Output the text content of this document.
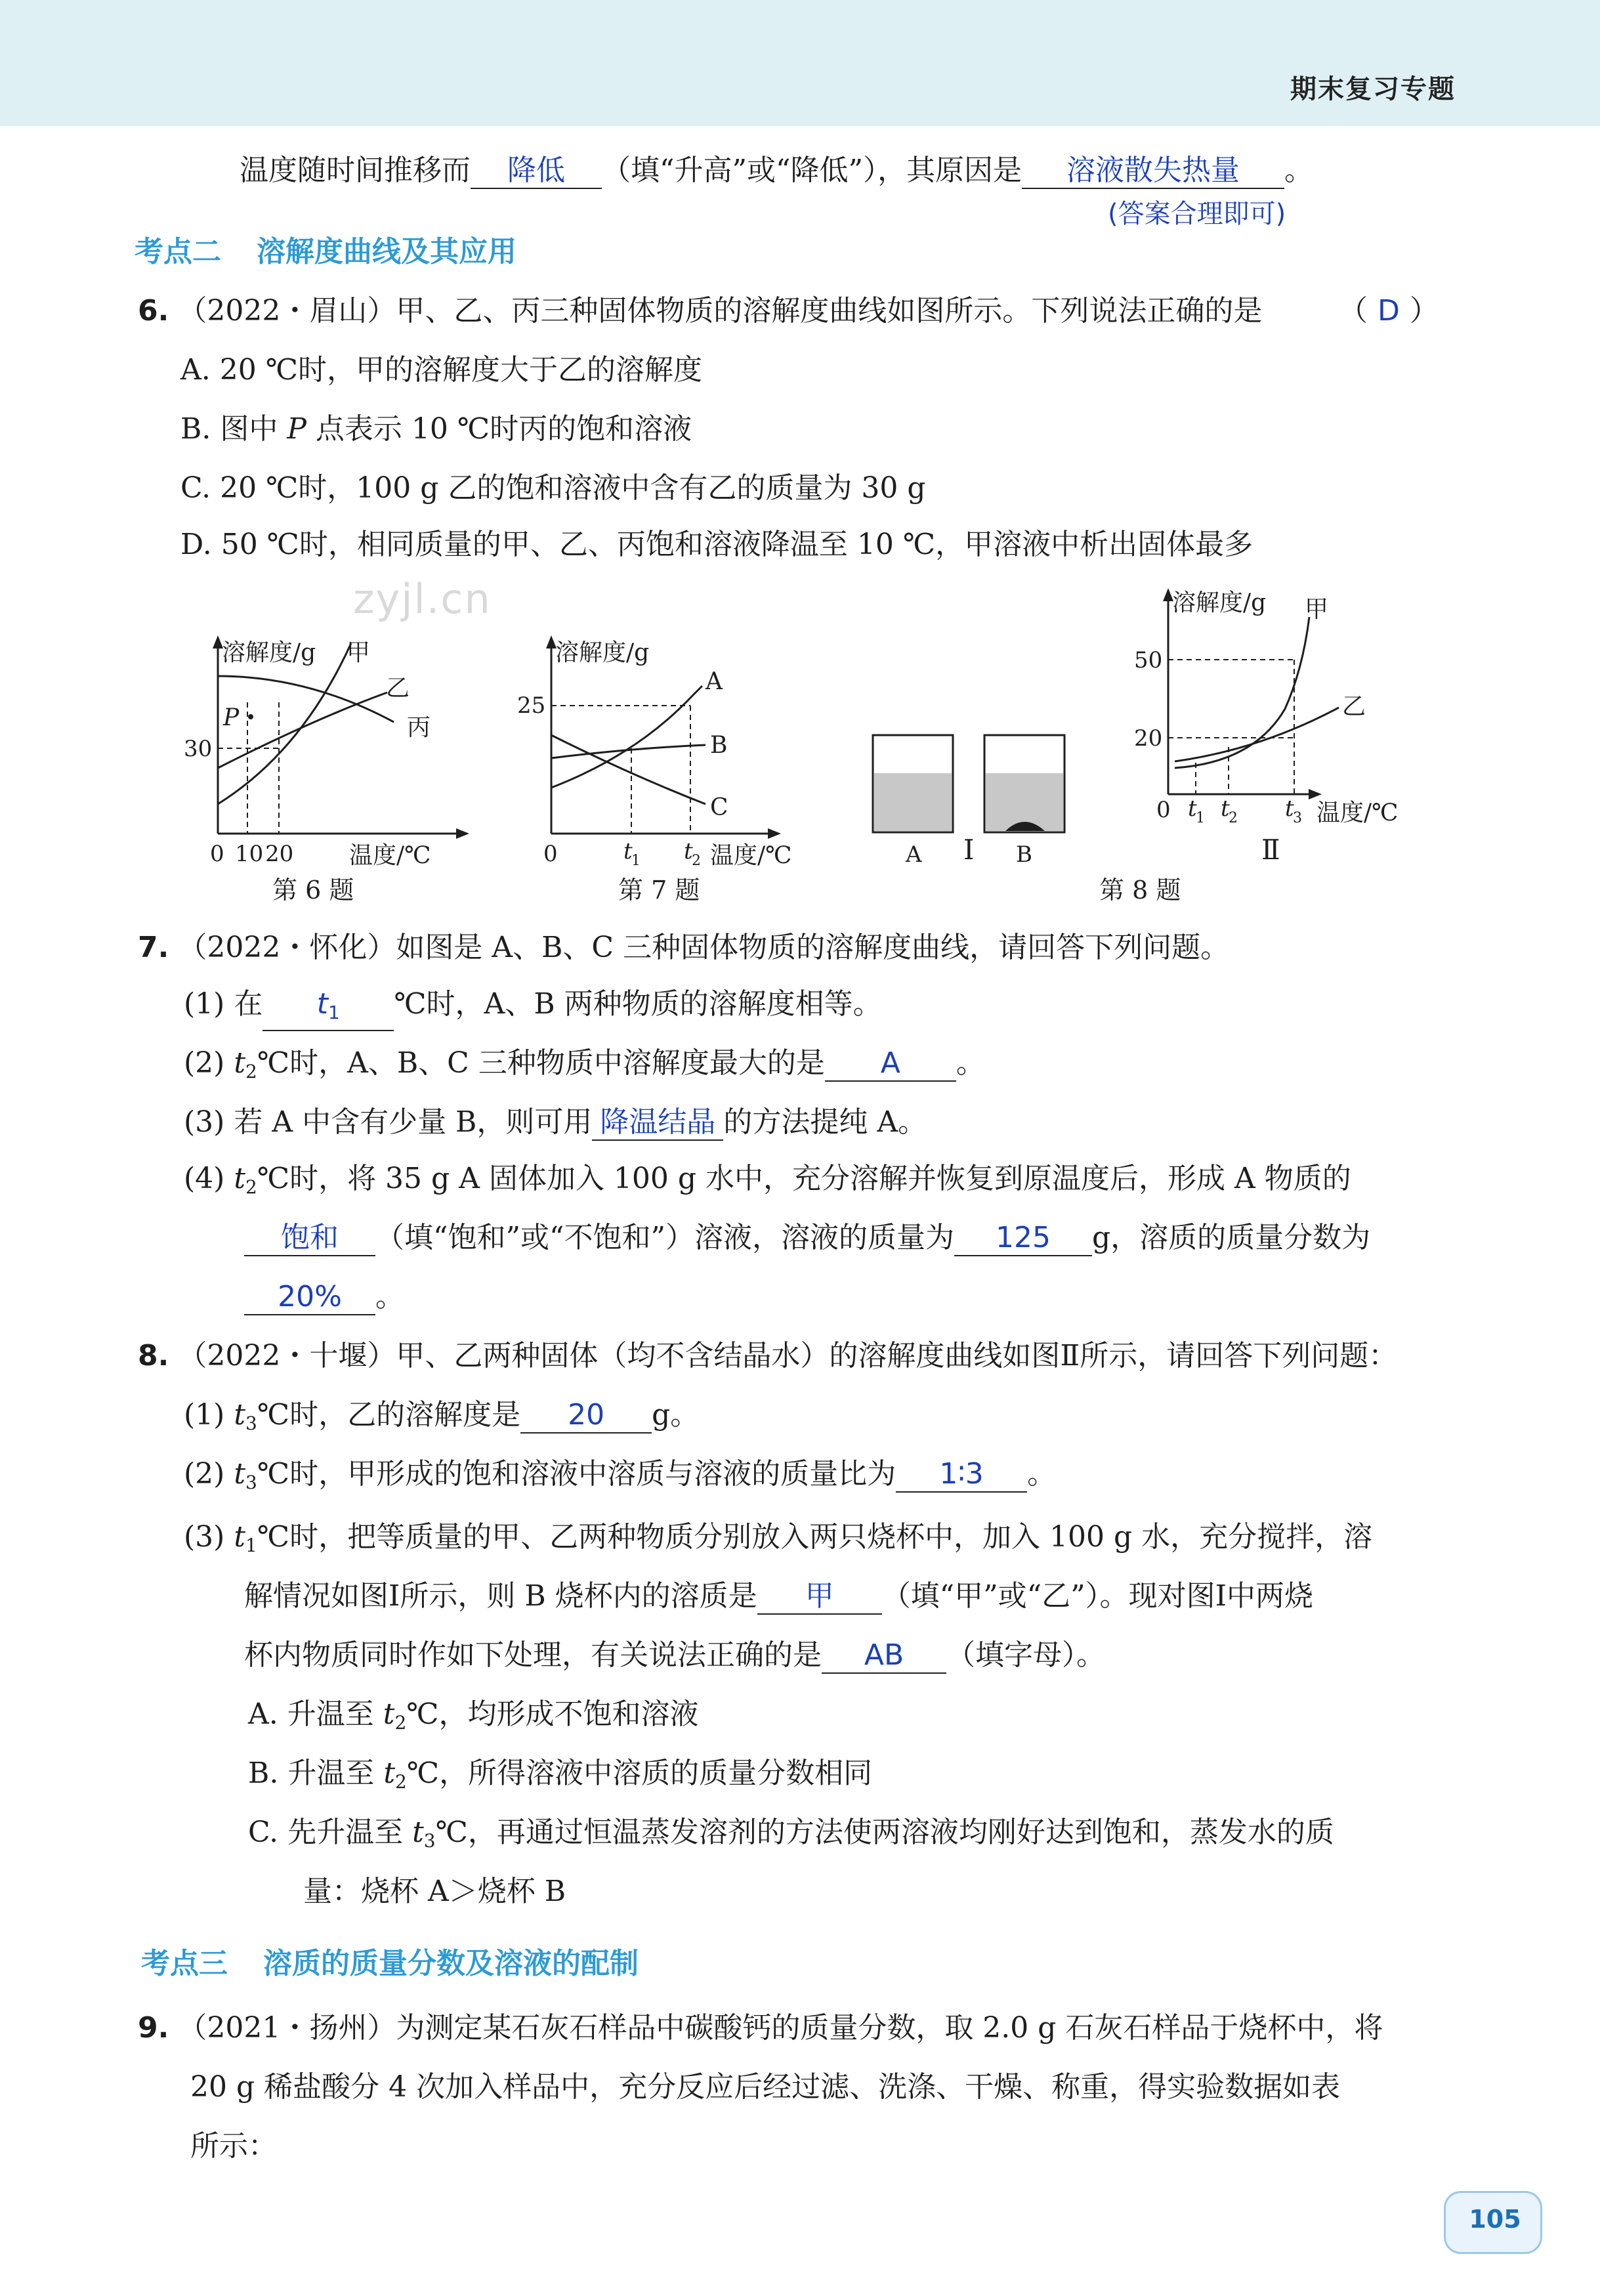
期末复习专题
温度随时间推移而 降低 （填“升高”或“降低”），其原因是 溶液散失热量 。
(答案合理即可)
考点二 溶解度曲线及其应用
6. （2022・眉山）甲、乙、丙三种固体物质的溶解度曲线如图所示。下列说法正确的是	（ D ）
A. 20 ℃时，甲的溶解度大于乙的溶解度
B. 图中 P 点表示 10 ℃时丙的饱和溶液
C. 20 ℃时，100 g 乙的饱和溶液中含有乙的质量为 30 g
D. 50 ℃时，相同质量的甲、乙、丙饱和溶液降温至 10 ℃，甲溶液中析出固体最多
zyjl.cn
溶解度/g
温度/℃
30
0 10 20
P
甲
乙
丙
第 6 题
溶解度/g
温度/℃
25
0	t
1 t
2
A
B
C
第 7 题
A	B
Ⅰ
溶解度/g
温度/℃
50
20
0 t
1 t
2 t
3
甲
乙
Ⅱ
第 8 题
7. （2022・怀化）如图是 A、B、C 三种固体物质的溶解度曲线，请回答下列问题。
(1) 在 $t_1$ ℃时，A、B 两种物质的溶解度相等。
(2) $t_2℃$时，A、B、C 三种物质中溶解度最大的是 A 。
(3) 若 A 中含有少量 B，则可用 降温结晶 的方法提纯 A。
(4) $t_2℃$时，将 35 g A 固体加入 100 g 水中，充分溶解并恢复到原温度后，形成 A 物质的
饱和 （填“饱和”或“不饱和”）溶液，溶液的质量为 125 g，溶质的质量分数为
20% 。
8. （2022・十堰）甲、乙两种固体（均不含结晶水）的溶解度曲线如图Ⅱ所示，请回答下列问题：
(1) $t_3℃$时，乙的溶解度是 20 g。
(2) $t_3℃$时，甲形成的饱和溶液中溶质与溶液的质量比为 1∶3 。
(3) $t_1℃$时，把等质量的甲、乙两种物质分别放入两只烧杯中，加入 100 g 水，充分搅拌，溶
解情况如图Ⅰ所示，则 B 烧杯内的溶质是 甲 （填“甲”或“乙”）。现对图Ⅰ中两烧
杯内物质同时作如下处理，有关说法正确的是 AB （填字母）。
A. 升温至 $t_2℃$，均形成不饱和溶液
B. 升温至 $t_2℃$，所得溶液中溶质的质量分数相同
C. 先升温至 $t_3℃$，再通过恒温蒸发溶剂的方法使两溶液均刚好达到饱和，蒸发水的质
量：烧杯 A＞烧杯 B
考点三 溶质的质量分数及溶液的配制
9. （2021・扬州）为测定某石灰石样品中碳酸钙的质量分数，取 2.0 g 石灰石样品于烧杯中，将
20 g 稀盐酸分 4 次加入样品中，充分反应后经过滤、洗涤、干燥、称重，得实验数据如表
所示：
105
